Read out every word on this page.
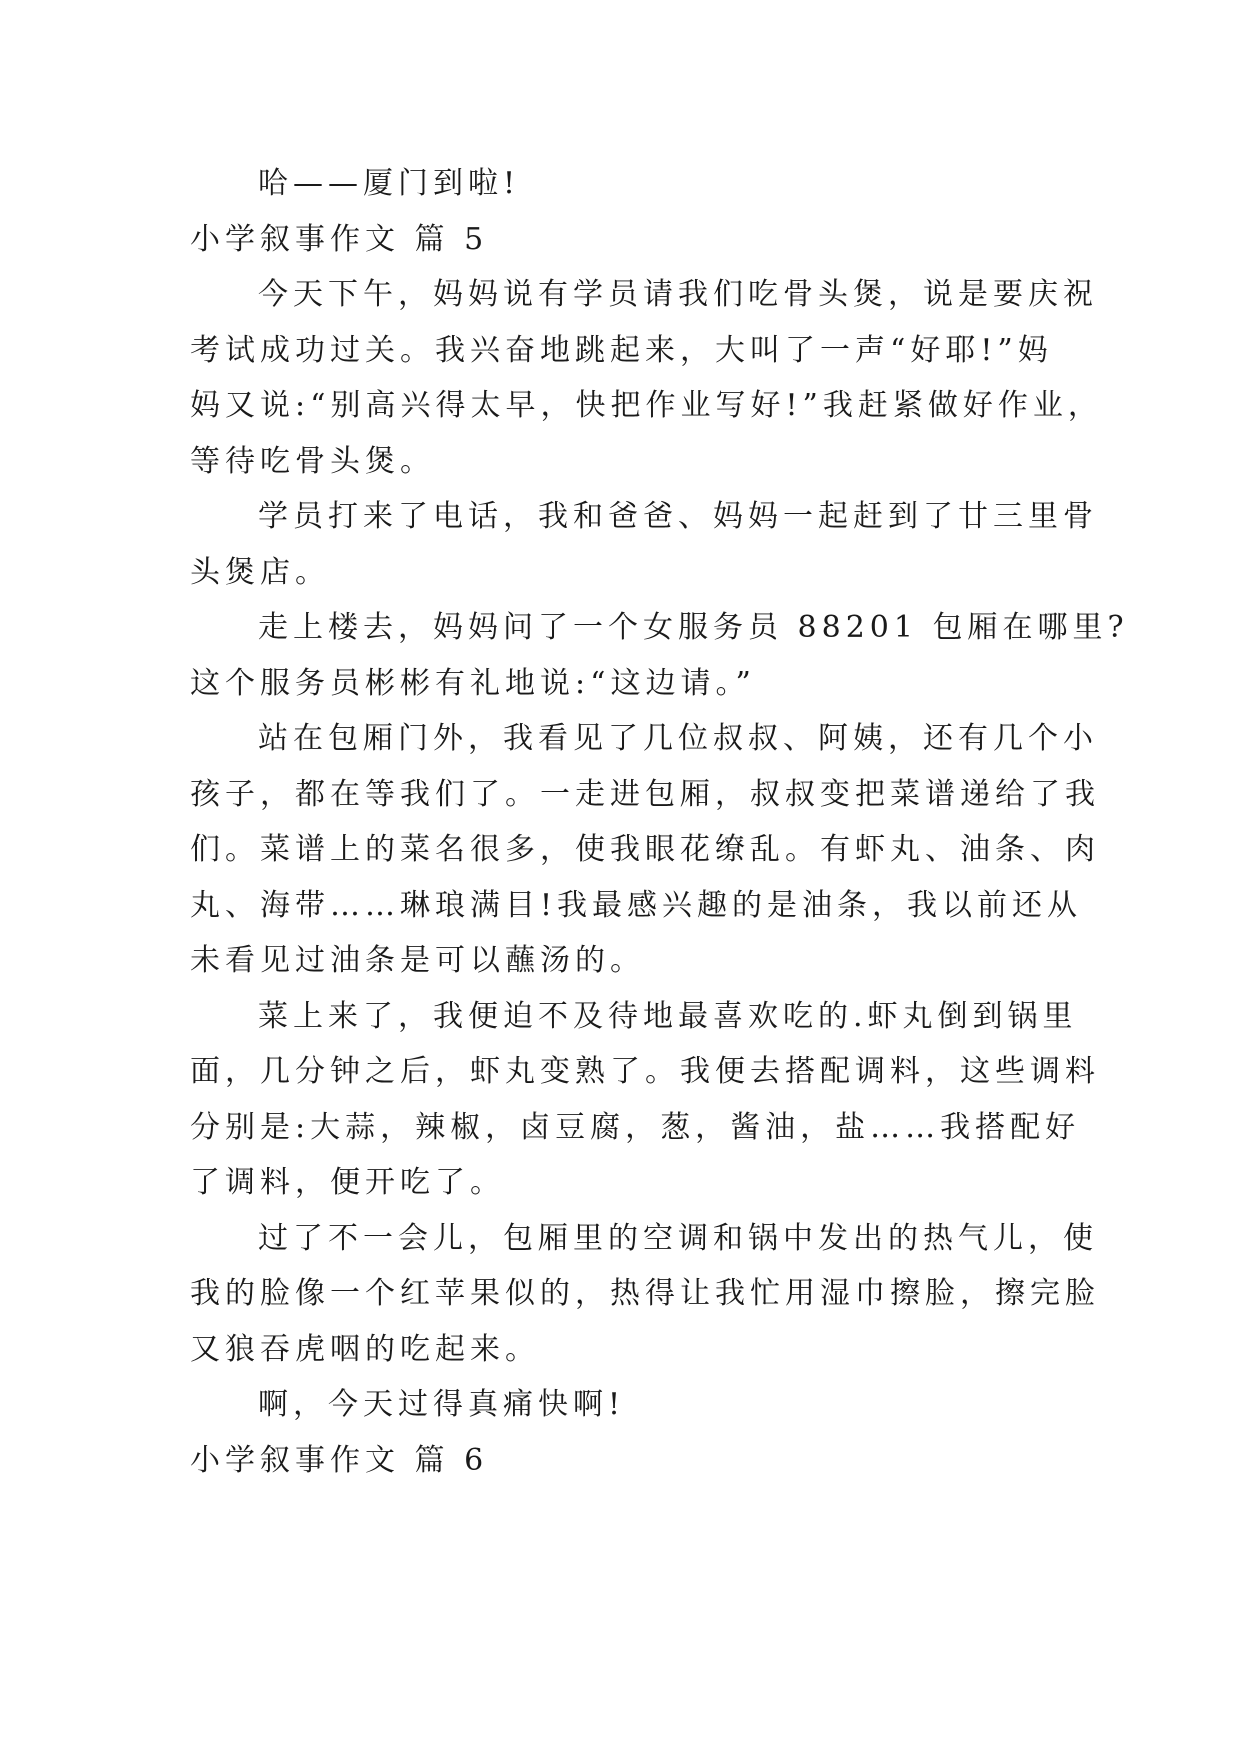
哈——厦门到啦!

小学叙事作文 篇 5

今天下午，妈妈说有学员请我们吃骨头煲，说是要庆祝

考试成功过关。我兴奋地跳起来，大叫了一声“好耶!”妈

妈又说:“别高兴得太早，快把作业写好!”我赶紧做好作业，

等待吃骨头煲。

学员打来了电话，我和爸爸、妈妈一起赶到了廿三里骨

头煲店。

走上楼去，妈妈问了一个女服务员 88201 包厢在哪里?

这个服务员彬彬有礼地说:“这边请。”

站在包厢门外，我看见了几位叔叔、阿姨，还有几个小

孩子，都在等我们了。一走进包厢，叔叔变把菜谱递给了我

们。菜谱上的菜名很多，使我眼花缭乱。有虾丸、油条、肉

丸、海带……琳琅满目!我最感兴趣的是油条，我以前还从

未看见过油条是可以蘸汤的。

菜上来了，我便迫不及待地最喜欢吃的.虾丸倒到锅里

面，几分钟之后，虾丸变熟了。我便去搭配调料，这些调料

分别是:大蒜，辣椒，卤豆腐，葱，酱油，盐……我搭配好

了调料，便开吃了。

过了不一会儿，包厢里的空调和锅中发出的热气儿，使

我的脸像一个红苹果似的，热得让我忙用湿巾擦脸，擦完脸

又狼吞虎咽的吃起来。

啊，今天过得真痛快啊!

小学叙事作文 篇 6
